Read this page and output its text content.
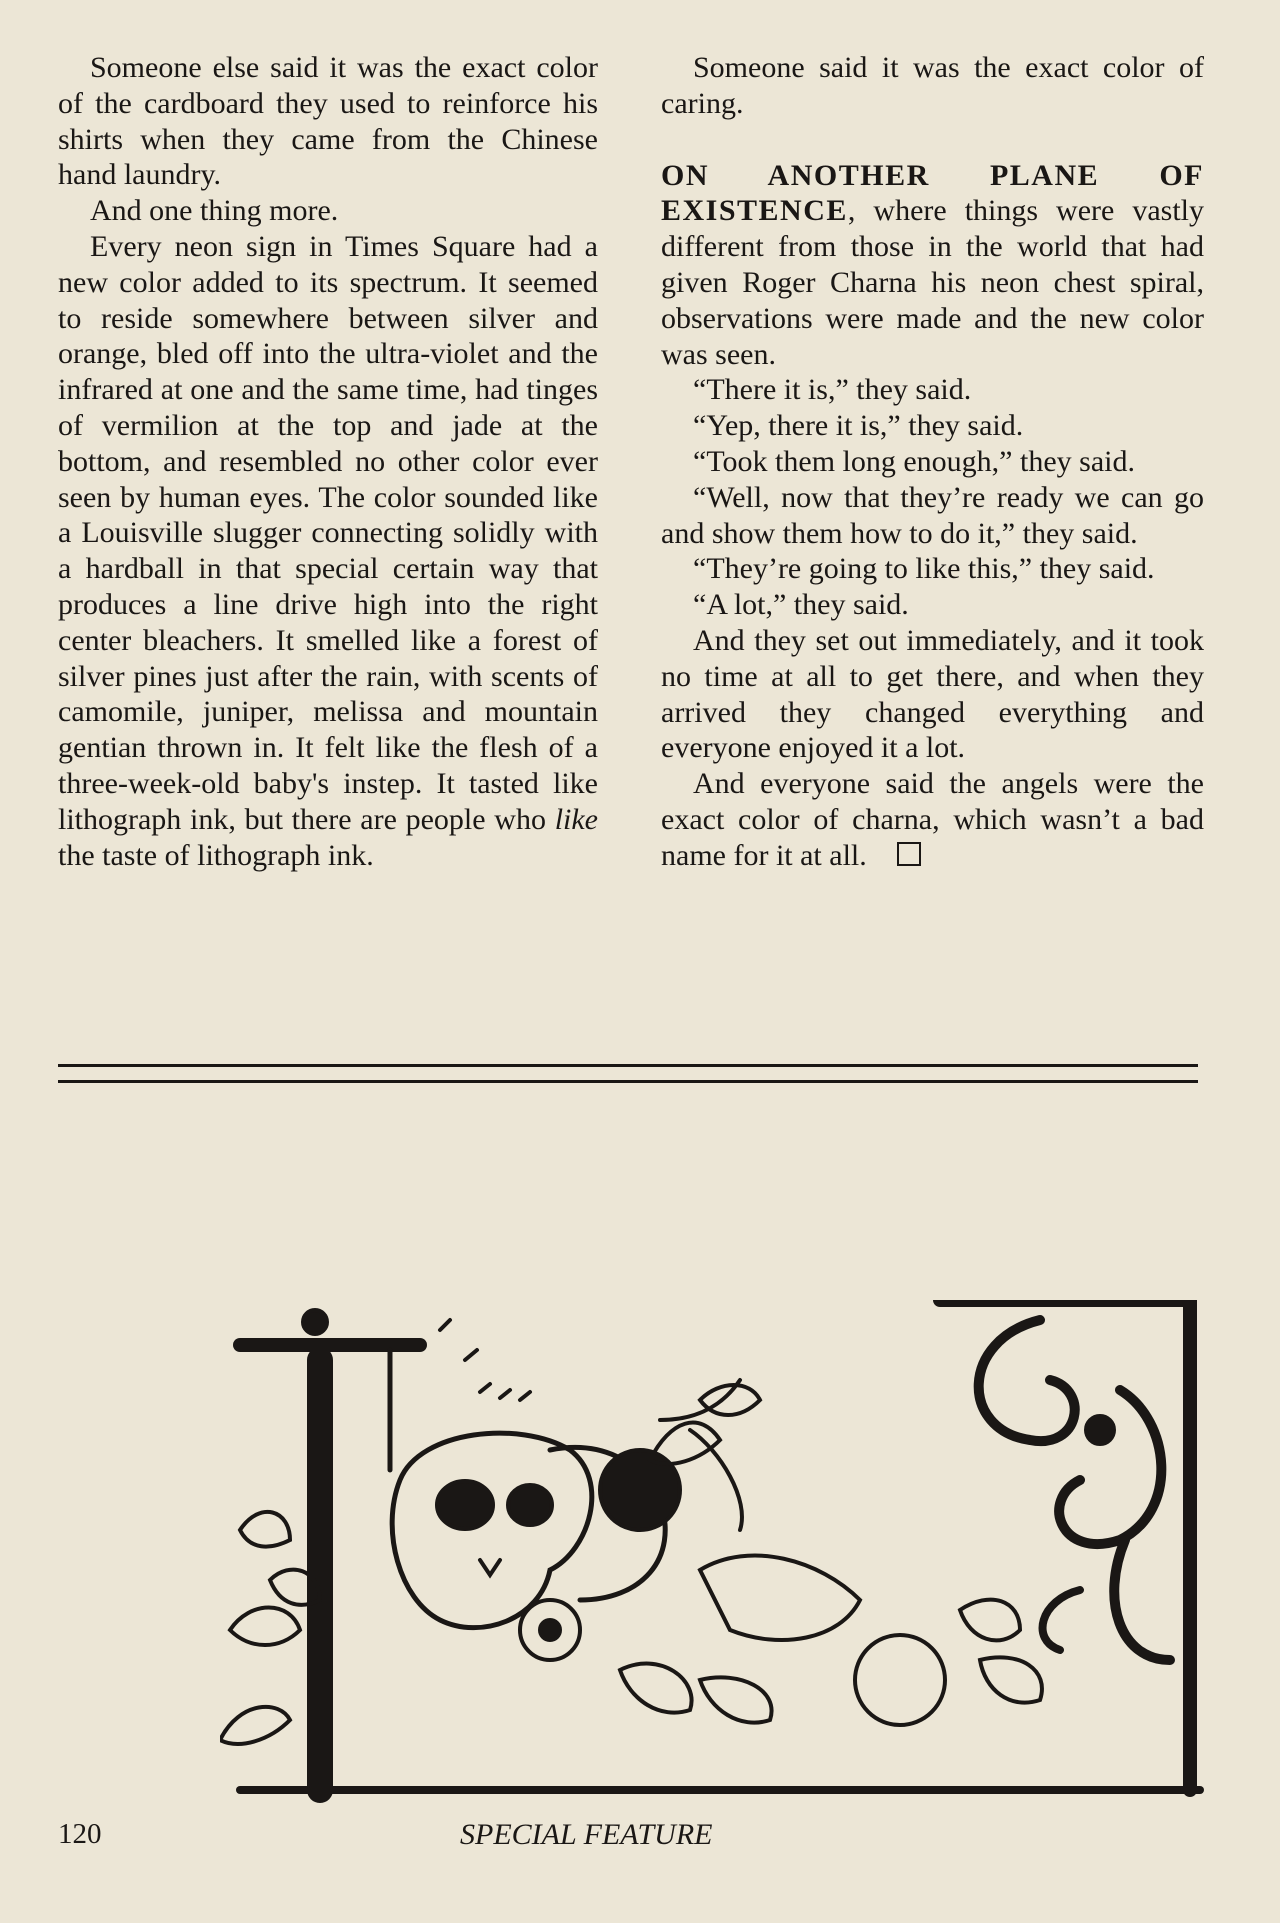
Someone else said it was the exact color of the cardboard they used to reinforce his shirts when they came from the Chinese hand laundry.

And one thing more.

Every neon sign in Times Square had a new color added to its spectrum. It seemed to reside somewhere between silver and orange, bled off into the ultra-violet and the infrared at one and the same time, had tinges of vermilion at the top and jade at the bottom, and resembled no other color ever seen by human eyes. The color sounded like a Louisville slugger connecting solidly with a hardball in that special certain way that produces a line drive high into the right center bleachers. It smelled like a forest of silver pines just after the rain, with scents of camomile, juniper, melissa and mountain gentian thrown in. It felt like the flesh of a three-week-old baby's instep. It tasted like lithograph ink, but there are people who like the taste of lithograph ink.

Someone said it was the exact color of caring.

ON ANOTHER PLANE OF EXISTENCE, where things were vastly different from those in the world that had given Roger Charna his neon chest spiral, observations were made and the new color was seen.

“There it is,” they said.

“Yep, there it is,” they said.

“Took them long enough,” they said.

“Well, now that they’re ready we can go and show them how to do it,” they said.

“They’re going to like this,” they said.

“A lot,” they said.

And they set out immediately, and it took no time at all to get there, and when they arrived they changed everything and everyone enjoyed it a lot.

And everyone said the angels were the exact color of charna, which wasn’t a bad name for it at all.

120	SPECIAL FEATURE
